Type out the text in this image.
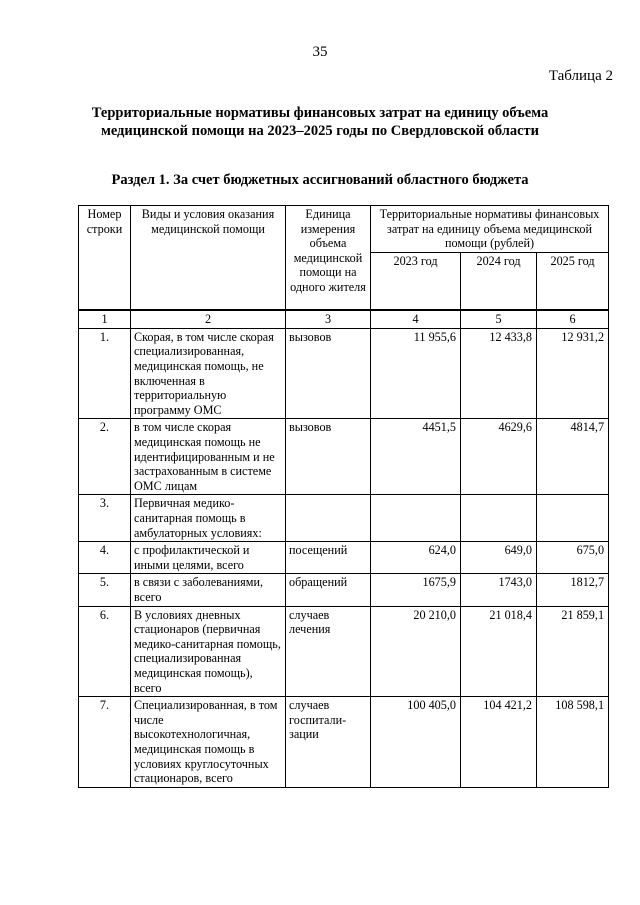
35
Таблица 2
Территориальные нормативы финансовых затрат на единицу объема
медицинской помощи на 2023–2025 годы по Свердловской области
Раздел 1. За счет бюджетных ассигнований областного бюджета
Номер строки	Виды и условия оказания медицинской помощи	Единица измерения объема медицинской помощи на одного жителя	Территориальные нормативы финансовых затрат на единицу объема медицинской помощи (рублей)		
			2023 год	2024 год	2025 год
1	2	3	4	5	6
1.	Скорая, в том числе скорая специализированная, медицинская помощь, не включенная в территориальную программу ОМС	вызовов	11 955,6	12 433,8	12 931,2
2.	в том числе скорая медицинская помощь не идентифицированным и не застрахованным в системе ОМС лицам	вызовов	4451,5	4629,6	4814,7
3.	Первичная медико-санитарная помощь в амбулаторных условиях:				
4.	с профилактической и иными целями, всего	посещений	624,0	649,0	675,0
5.	в связи с заболеваниями, всего	обращений	1675,9	1743,0	1812,7
6.	В условиях дневных стационаров (первичная медико-санитарная помощь, специализированная медицинская помощь), всего	случаев лечения	20 210,0	21 018,4	21 859,1
7.	Специализированная, в том числе высокотехнологичная, медицинская помощь в условиях круглосуточных стационаров, всего	случаев госпитали-зации	100 405,0	104 421,2	108 598,1
